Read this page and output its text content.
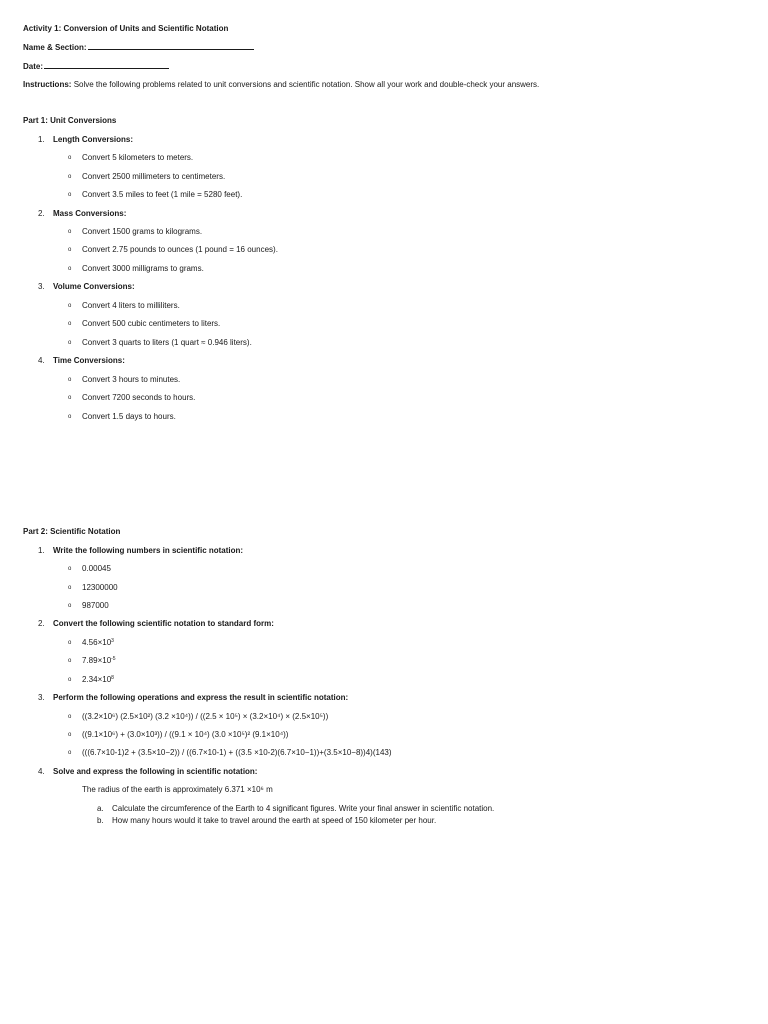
Activity 1: Conversion of Units and Scientific Notation
Name & Section:
Date:
Instructions: Solve the following problems related to unit conversions and scientific notation. Show all your work and double-check your answers.
Part 1: Unit Conversions
1. Length Conversions:
o Convert 5 kilometers to meters.
o Convert 2500 millimeters to centimeters.
o Convert 3.5 miles to feet (1 mile = 5280 feet).
2. Mass Conversions:
o Convert 1500 grams to kilograms.
o Convert 2.75 pounds to ounces (1 pound = 16 ounces).
o Convert 3000 milligrams to grams.
3. Volume Conversions:
o Convert 4 liters to milliliters.
o Convert 500 cubic centimeters to liters.
o Convert 3 quarts to liters (1 quart ≈ 0.946 liters).
4. Time Conversions:
o Convert 3 hours to minutes.
o Convert 7200 seconds to hours.
o Convert 1.5 days to hours.
Part 2: Scientific Notation
1. Write the following numbers in scientific notation:
o 0.00045
o 12300000
o 987000
2. Convert the following scientific notation to standard form:
o $4.56\times 10^3$
o $7.89\times 10^{-5}$
o $2.34\times 10^8$
3. Perform the following operations and express the result in scientific notation:
o ((3.2×10⁶) (2.5×10²) (3.2 ×10⁴)) / ((2.5 × 10⁵) × (3.2×10⁴) × (2.5×10⁵))
o ((9.1×10⁶) + (3.0×10³)) / ((9.1 × 10⁴) (3.0 ×10⁵)² (9.1×10⁴))
o (((6.7×10-1)2 + (3.5×10−2)) / ((6.7×10-1) + ((3.5 ×10-2)(6.7×10−1))+(3.5×10−8))4)(143)
4. Solve and express the following in scientific notation:
The radius of the earth is approximately 6.371 ×10⁶ m
a. Calculate the circumference of the Earth to 4 significant figures. Write your final answer in scientific notation.
b. How many hours would it take to travel around the earth at speed of 150 kilometer per hour.
